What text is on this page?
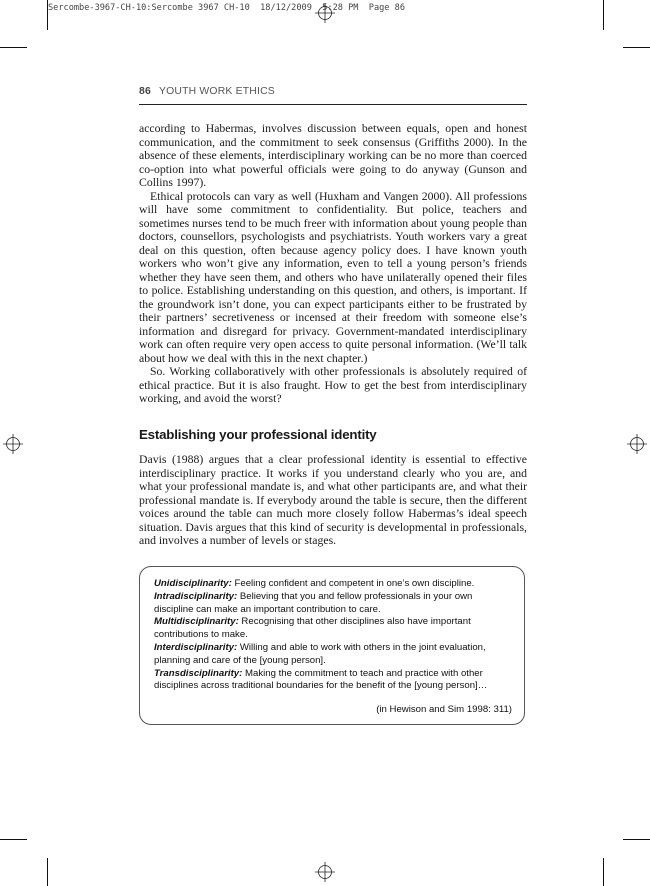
Sercombe-3967-CH-10:Sercombe 3967 CH-10  18/12/2009  5:28 PM  Page 86
86 YOUTH WORK ETHICS

according to Habermas, involves discussion between equals, open and honest communication, and the commitment to seek consensus (Griffiths 2000). In the absence of these elements, interdisciplinary working can be no more than coerced co-option into what powerful officials were going to do anyway (Gunson and Collins 1997).

Ethical protocols can vary as well (Huxham and Vangen 2000). All professions will have some commitment to confidentiality. But police, teachers and sometimes nurses tend to be much freer with information about young people than doctors, counsellors, psychologists and psychiatrists. Youth workers vary a great deal on this question, often because agency policy does. I have known youth workers who won’t give any information, even to tell a young person’s friends whether they have seen them, and others who have unilaterally opened their files to police. Establishing understanding on this question, and others, is important. If the groundwork isn’t done, you can expect participants either to be frustrated by their partners’ secretiveness or incensed at their freedom with someone else’s information and disregard for privacy. Government-mandated interdisciplinary work can often require very open access to quite personal information. (We’ll talk about how we deal with this in the next chapter.)

So. Working collaboratively with other professionals is absolutely required of ethical practice. But it is also fraught. How to get the best from interdisciplinary working, and avoid the worst?

Establishing your professional identity

Davis (1988) argues that a clear professional identity is essential to effective interdisciplinary practice. It works if you understand clearly who you are, and what your professional mandate is, and what other participants are, and what their professional mandate is. If everybody around the table is secure, then the different voices around the table can much more closely follow Habermas’s ideal speech situation. Davis argues that this kind of security is developmental in professionals, and involves a number of levels or stages.

Unidisciplinarity: Feeling confident and competent in one’s own discipline.

Intradisciplinarity: Believing that you and fellow professionals in your own discipline can make an important contribution to care.

Multidisciplinarity: Recognising that other disciplines also have important contributions to make.

Interdisciplinarity: Willing and able to work with others in the joint evaluation, planning and care of the [young person].

Transdisciplinarity: Making the commitment to teach and practice with other disciplines across traditional boundaries for the benefit of the [young person]…

(in Hewison and Sim 1998: 311)
